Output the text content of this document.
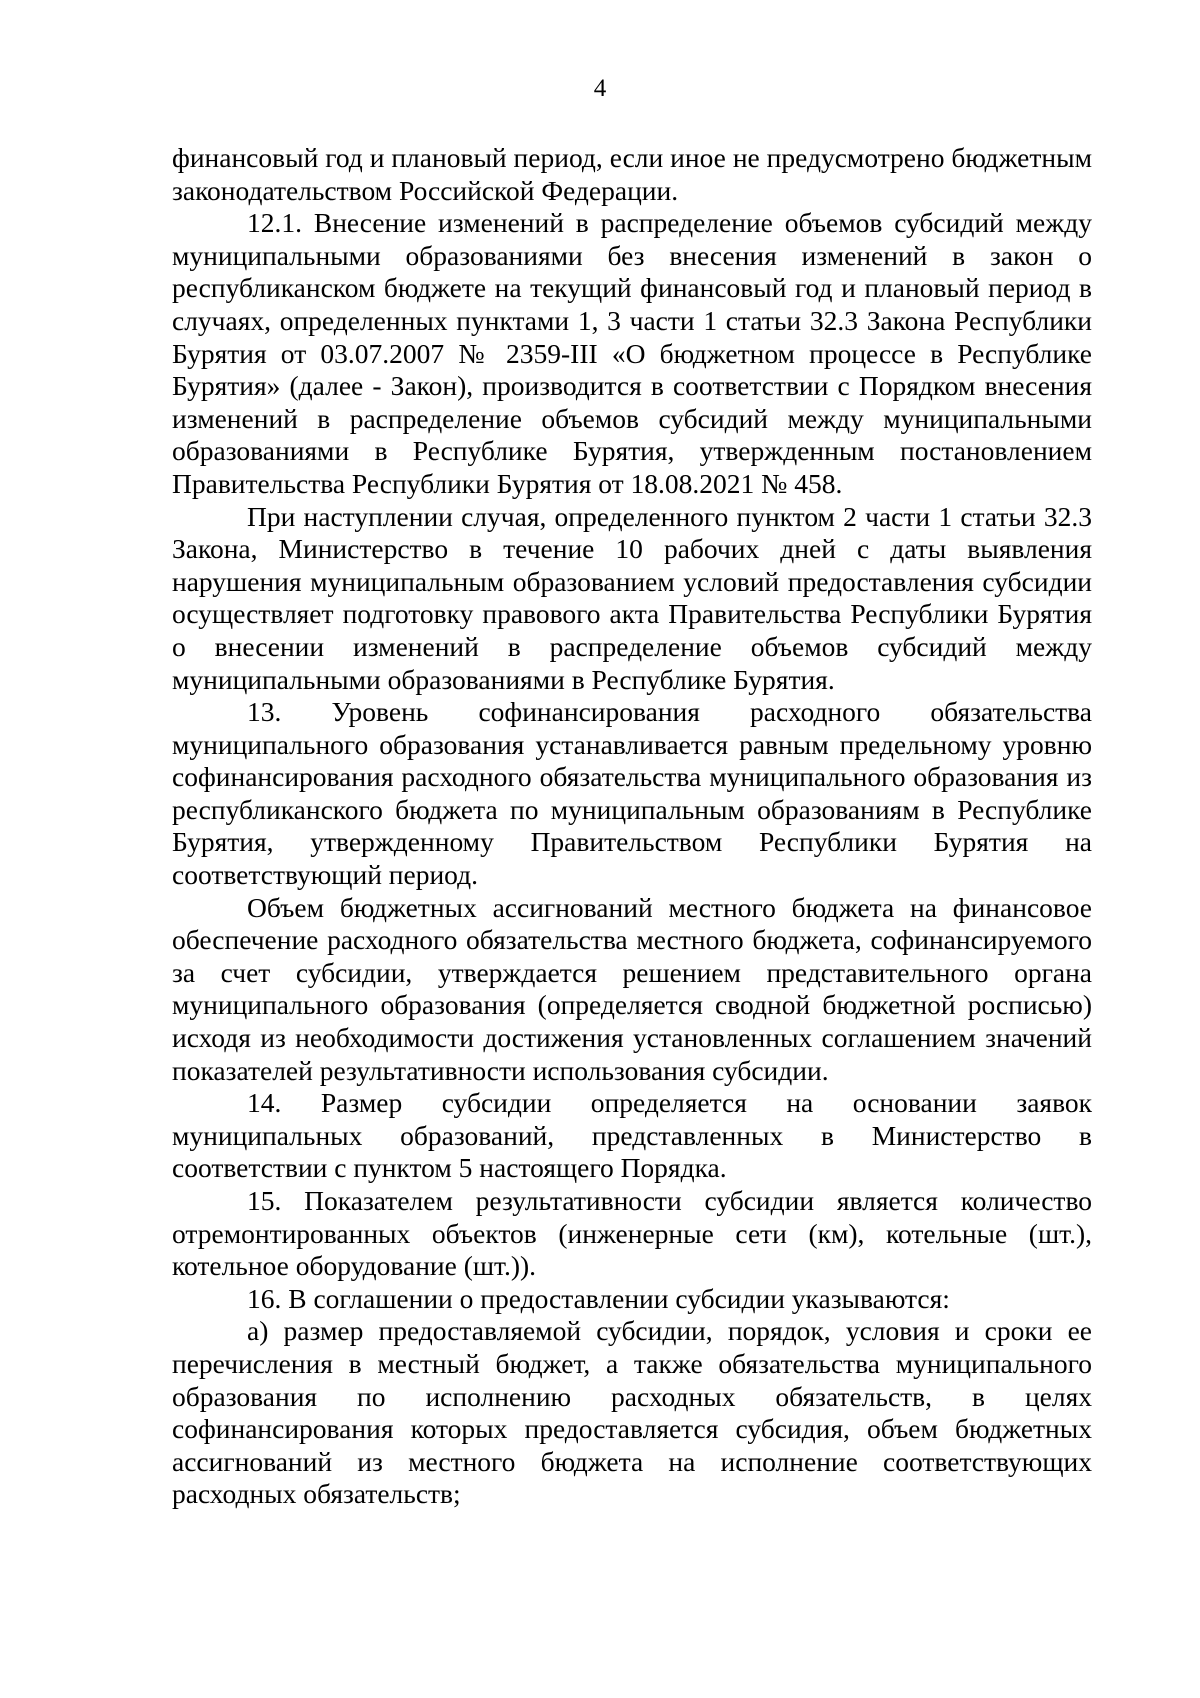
4

финансовый год и плановый период, если иное не предусмотрено бюджетным законодательством Российской Федерации.

12.1. Внесение изменений в распределение объемов субсидий между муниципальными образованиями без внесения изменений в закон о республиканском бюджете на текущий финансовый год и плановый период в случаях, определенных пунктами 1, 3 части 1 статьи 32.3 Закона Республики Бурятия от 03.07.2007 № 2359-III «О бюджетном процессе в Республике Бурятия» (далее - Закон), производится в соответствии с Порядком внесения изменений в распределение объемов субсидий между муниципальными образованиями в Республике Бурятия, утвержденным постановлением Правительства Республики Бурятия от 18.08.2021 № 458.

При наступлении случая, определенного пунктом 2 части 1 статьи 32.3 Закона, Министерство в течение 10 рабочих дней с даты выявления нарушения муниципальным образованием условий предоставления субсидии осуществляет подготовку правового акта Правительства Республики Бурятия о внесении изменений в распределение объемов субсидий между муниципальными образованиями в Республике Бурятия.

13. Уровень софинансирования расходного обязательства муниципального образования устанавливается равным предельному уровню софинансирования расходного обязательства муниципального образования из республиканского бюджета по муниципальным образованиям в Республике Бурятия, утвержденному Правительством Республики Бурятия на соответствующий период.

Объем бюджетных ассигнований местного бюджета на финансовое обеспечение расходного обязательства местного бюджета, софинансируемого за счет субсидии, утверждается решением представительного органа муниципального образования (определяется сводной бюджетной росписью) исходя из необходимости достижения установленных соглашением значений показателей результативности использования субсидии.

14. Размер субсидии определяется на основании заявок муниципальных образований, представленных в Министерство в соответствии с пунктом 5 настоящего Порядка.

15. Показателем результативности субсидии является количество отремонтированных объектов (инженерные сети (км), котельные (шт.), котельное оборудование (шт.)).

16. В соглашении о предоставлении субсидии указываются:

а) размер предоставляемой субсидии, порядок, условия и сроки ее перечисления в местный бюджет, а также обязательства муниципального образования по исполнению расходных обязательств, в целях софинансирования которых предоставляется субсидия, объем бюджетных ассигнований из местного бюджета на исполнение соответствующих расходных обязательств;
